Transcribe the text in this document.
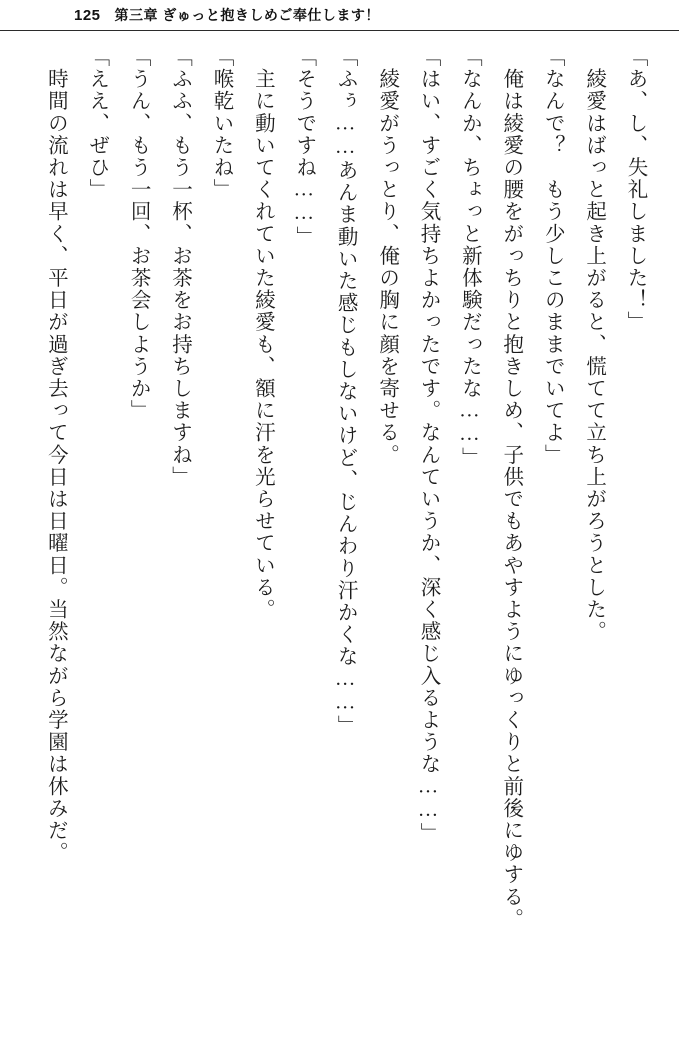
125 第三章 ぎゅっと抱きしめご奉仕します！

「あ、し、失礼しました！」

　綾愛はばっと起き上がると、慌てて立ち上がろうとした。

「なんで？　もう少しこのままでいてよ」

　俺は綾愛の腰をがっちりと抱きしめ、子供でもあやすようにゆっくりと前後にゆする。

「なんか、ちょっと新体験だったな……」

「はい、すごく気持ちよかったです。なんていうか、深く感じ入るような……」

　綾愛がうっとり、俺の胸に顔を寄せる。

「ふぅ……あんま動いた感じもしないけど、じんわり汗かくな……」

「そうですね……」

　主に動いてくれていた綾愛も、額に汗を光らせている。

「喉乾いたね」

「ふふ、もう一杯、お茶をお持ちしますね」

「うん、もう一回、お茶会しようか」

「ええ、ぜひ」

　時間の流れは早く、平日が過ぎ去って今日は日曜日。当然ながら学園は休みだ。
